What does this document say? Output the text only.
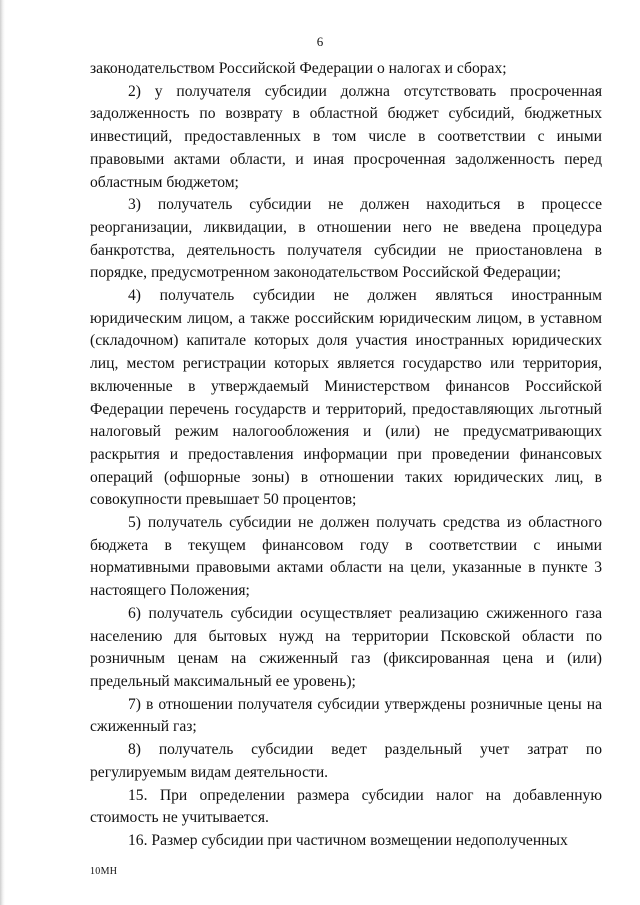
6

законодательством Российской Федерации о налогах и сборах;

2) у получателя субсидии должна отсутствовать просроченная задолженность по возврату в областной бюджет субсидий, бюджетных инвестиций, предоставленных в том числе в соответствии с иными правовыми актами области, и иная просроченная задолженность перед областным бюджетом;

3) получатель субсидии не должен находиться в процессе реорганизации, ликвидации, в отношении него не введена процедура банкротства, деятельность получателя субсидии не приостановлена в порядке, предусмотренном законодательством Российской Федерации;

4) получатель субсидии не должен являться иностранным юридическим лицом, а также российским юридическим лицом, в уставном (складочном) капитале которых доля участия иностранных юридических лиц, местом регистрации которых является государство или территория, включенные в утверждаемый Министерством финансов Российской Федерации перечень государств и территорий, предоставляющих льготный налоговый режим налогообложения и (или) не предусматривающих раскрытия и предоставления информации при проведении финансовых операций (офшорные зоны) в отношении таких юридических лиц, в совокупности превышает 50 процентов;

5) получатель субсидии не должен получать средства из областного бюджета в текущем финансовом году в соответствии с иными нормативными правовыми актами области на цели, указанные в пункте 3 настоящего Положения;

6) получатель субсидии осуществляет реализацию сжиженного газа населению для бытовых нужд на территории Псковской области по розничным ценам на сжиженный газ (фиксированная цена и (или) предельный максимальный ее уровень);

7) в отношении получателя субсидии утверждены розничные цены на сжиженный газ;

8) получатель субсидии ведет раздельный учет затрат по регулируемым видам деятельности.

15. При определении размера субсидии налог на добавленную стоимость не учитывается.

16. Размер субсидии при частичном возмещении недополученных

10МН
